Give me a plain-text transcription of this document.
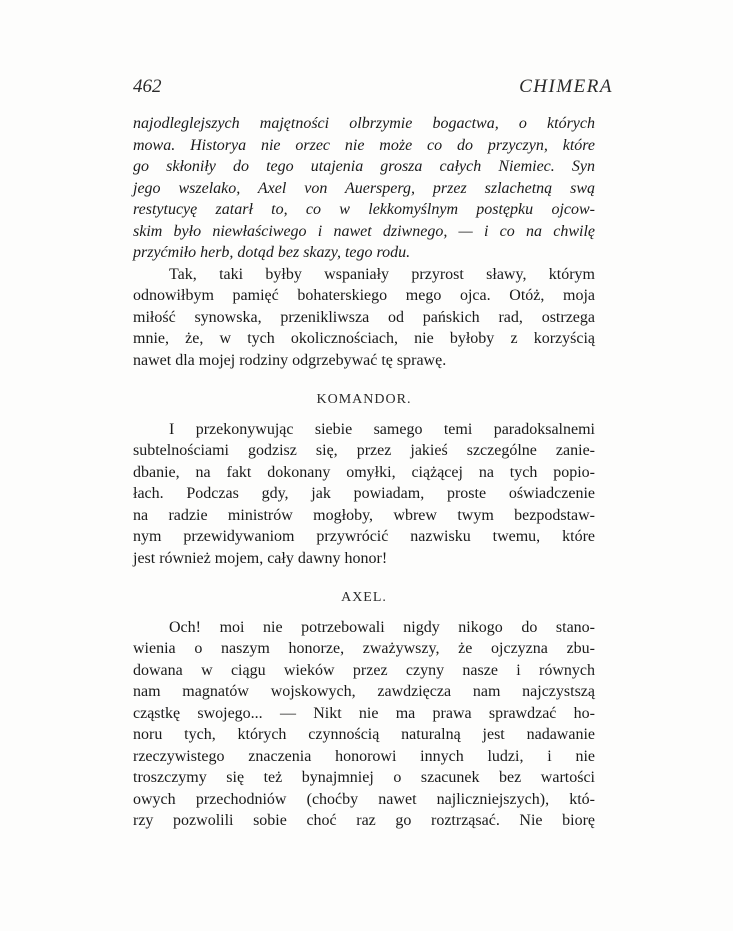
462	CHIMERA
najodleglejszych majętności olbrzymie bogactwa, o których
mowa. Historya nie orzec nie może co do przyczyn, które
go skłoniły do tego utajenia grosza całych Niemiec. Syn
jego wszelako, Axel von Auersperg, przez szlachetną swą
restytucyę zatarł to, co w lekkomyślnym postępku ojcow-
skim było niewłaściwego i nawet dziwnego, — i co na chwilę
przyćmiło herb, dotąd bez skazy, tego rodu.
Tak, taki byłby wspaniały przyrost sławy, którym
odnowiłbym pamięć bohaterskiego mego ojca. Otóż, moja
miłość synowska, przenikliwsza od pańskich rad, ostrzega
mnie, że, w tych okolicznościach, nie byłoby z korzyścią
nawet dla mojej rodziny odgrzebywać tę sprawę.
KOMANDOR.
I przekonywując siebie samego temi paradoksalnemi
subtelnościami godzisz się, przez jakieś szczególne zanie-
dbanie, na fakt dokonany omyłki, ciążącej na tych popio-
łach. Podczas gdy, jak powiadam, proste oświadczenie
na radzie ministrów mogłoby, wbrew twym bezpodstaw-
nym przewidywaniom przywrócić nazwisku twemu, które
jest również mojem, cały dawny honor!
AXEL.
Och! moi nie potrzebowali nigdy nikogo do stano-
wienia o naszym honorze, zważywszy, że ojczyzna zbu-
dowana w ciągu wieków przez czyny nasze i równych
nam magnatów wojskowych, zawdzięcza nam najczystszą
cząstkę swojego... — Nikt nie ma prawa sprawdzać ho-
noru tych, których czynnością naturalną jest nadawanie
rzeczywistego znaczenia honorowi innych ludzi, i nie
troszczymy się też bynajmniej o szacunek bez wartości
owych przechodniów (choćby nawet najliczniejszych), któ-
rzy pozwolili sobie choć raz go roztrząsać. Nie biorę
